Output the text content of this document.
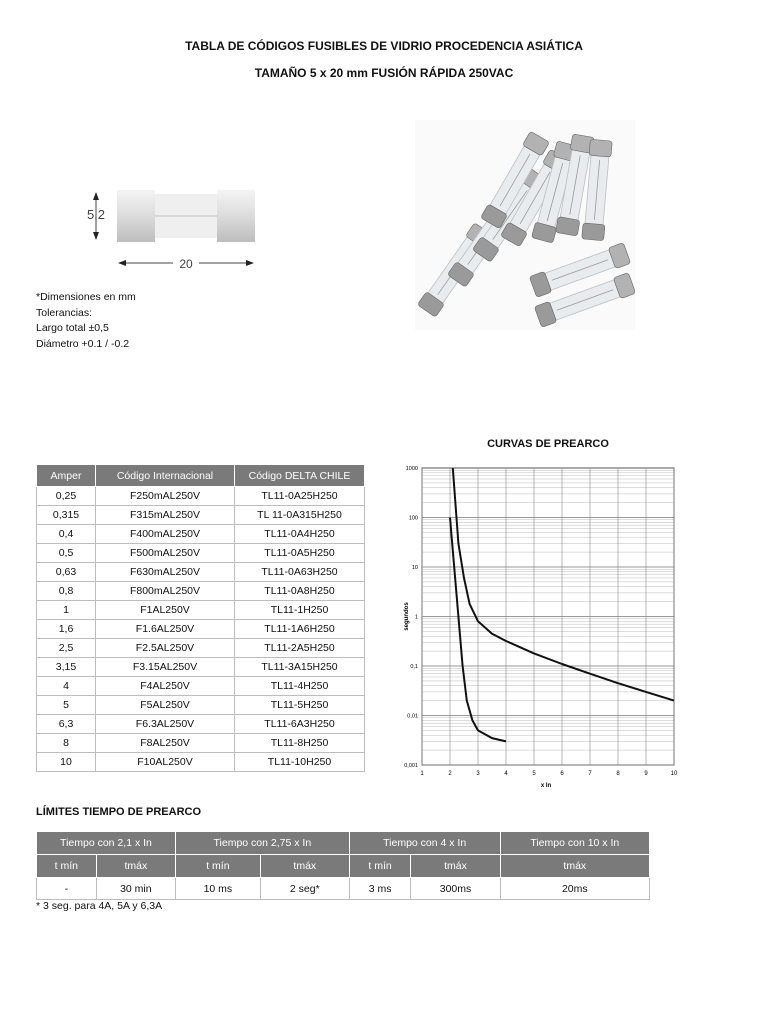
TABLA DE CÓDIGOS FUSIBLES DE VIDRIO PROCEDENCIA ASIÁTICA
TAMAÑO 5 x 20 mm FUSIÓN RÁPIDA 250VAC
5,2
20
*Dimensiones en mm
Tolerancias:
Largo total ±0,5
Diámetro +0.1 / -0.2
Amper	Código Internacional	Código DELTA CHILE
0,25	F250mAL250V	TL11-0A25H250
0,315	F315mAL250V	TL 11-0A315H250
0,4	F400mAL250V	TL11-0A4H250
0,5	F500mAL250V	TL11-0A5H250
0,63	F630mAL250V	TL11-0A63H250
0,8	F800mAL250V	TL11-0A8H250
1	F1AL250V	TL11-1H250
1,6	F1.6AL250V	TL11-1A6H250
2,5	F2.5AL250V	TL11-2A5H250
3,15	F3.15AL250V	TL11-3A15H250
4	F4AL250V	TL11-4H250
5	F5AL250V	TL11-5H250
6,3	F6.3AL250V	TL11-6A3H250
8	F8AL250V	TL11-8H250
10	F10AL250V	TL11-10H250
CURVAS DE PREARCO
1	2	3	4	5	6	7	8	9	10
1000
100
10
1
0,1
0,01
0,001
x In
segundos
LÍMITES TIEMPO DE PREARCO
Tiempo con 2,1 x In		Tiempo con 2,75 x In		Tiempo con 4 x In		Tiempo con 10 x In
t mín	tmáx	t mín	tmáx	t mín	tmáx	tmáx
-	30 min	10 ms	2 seg*	3 ms	300ms	20ms
* 3 seg. para 4A, 5A y 6,3A
